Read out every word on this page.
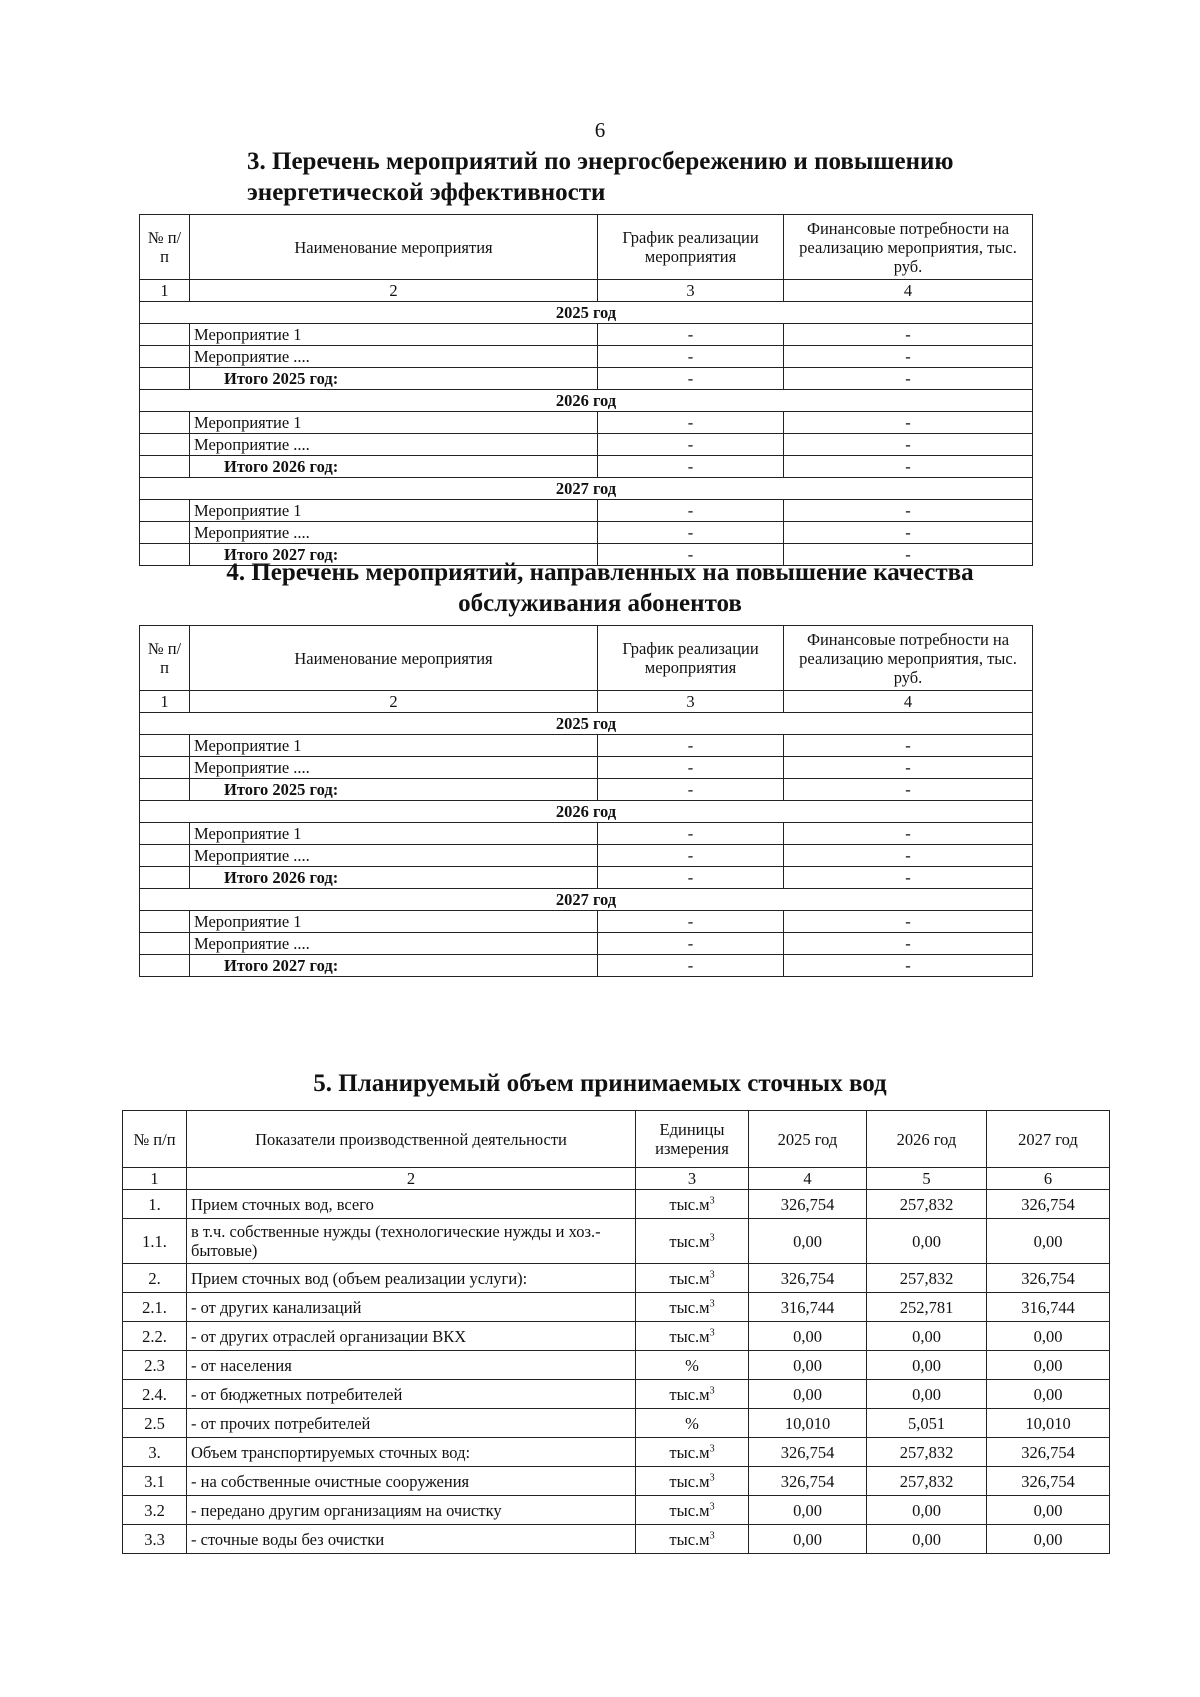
6
3. Перечень мероприятий по энергосбережению и повышению
энергетической эффективности
№ п/п	Наименование мероприятия	График реализации мероприятия	Финансовые потребности на реализацию мероприятия, тыс. руб.
1	2	3	4
2025 год			
	Мероприятие 1	-	-
	Мероприятие ....	-	-
	Итого 2025 год:	-	-
2026 год			
	Мероприятие 1	-	-
	Мероприятие ....	-	-
	Итого 2026 год:	-	-
2027 год			
	Мероприятие 1	-	-
	Мероприятие ....	-	-
	Итого 2027 год:	-	-
4. Перечень мероприятий, направленных на повышение качества
обслуживания абонентов
№ п/п	Наименование мероприятия	График реализации мероприятия	Финансовые потребности на реализацию мероприятия, тыс. руб.
1	2	3	4
2025 год			
	Мероприятие 1	-	-
	Мероприятие ....	-	-
	Итого 2025 год:	-	-
2026 год			
	Мероприятие 1	-	-
	Мероприятие ....	-	-
	Итого 2026 год:	-	-
2027 год			
	Мероприятие 1	-	-
	Мероприятие ....	-	-
	Итого 2027 год:	-	-
5. Планируемый объем принимаемых сточных вод
№ п/п	Показатели производственной деятельности	Единицы измерения	2025 год	2026 год	2027 год
1	2	3	4	5	6
1.	Прием сточных вод, всего	$тыс.м^3$	326,754	257,832	326,754
1.1.	в т.ч. собственные нужды (технологические нужды и хоз.-бытовые)	$тыс.м^3$	0,00	0,00	0,00
2.	Прием сточных вод (объем реализации услуги):	$тыс.м^3$	326,754	257,832	326,754
2.1.	- от других канализаций	$тыс.м^3$	316,744	252,781	316,744
2.2.	- от других отраслей организации ВКХ	$тыс.м^3$	0,00	0,00	0,00
2.3	- от населения	%	0,00	0,00	0,00
2.4.	- от бюджетных потребителей	$тыс.м^3$	0,00	0,00	0,00
2.5	- от прочих потребителей	%	10,010	5,051	10,010
3.	Объем транспортируемых сточных вод:	$тыс.м^3$	326,754	257,832	326,754
3.1	- на собственные очистные сооружения	$тыс.м^3$	326,754	257,832	326,754
3.2	- передано другим организациям на очистку	$тыс.м^3$	0,00	0,00	0,00
3.3	- сточные воды без очистки	$тыс.м^3$	0,00	0,00	0,00
